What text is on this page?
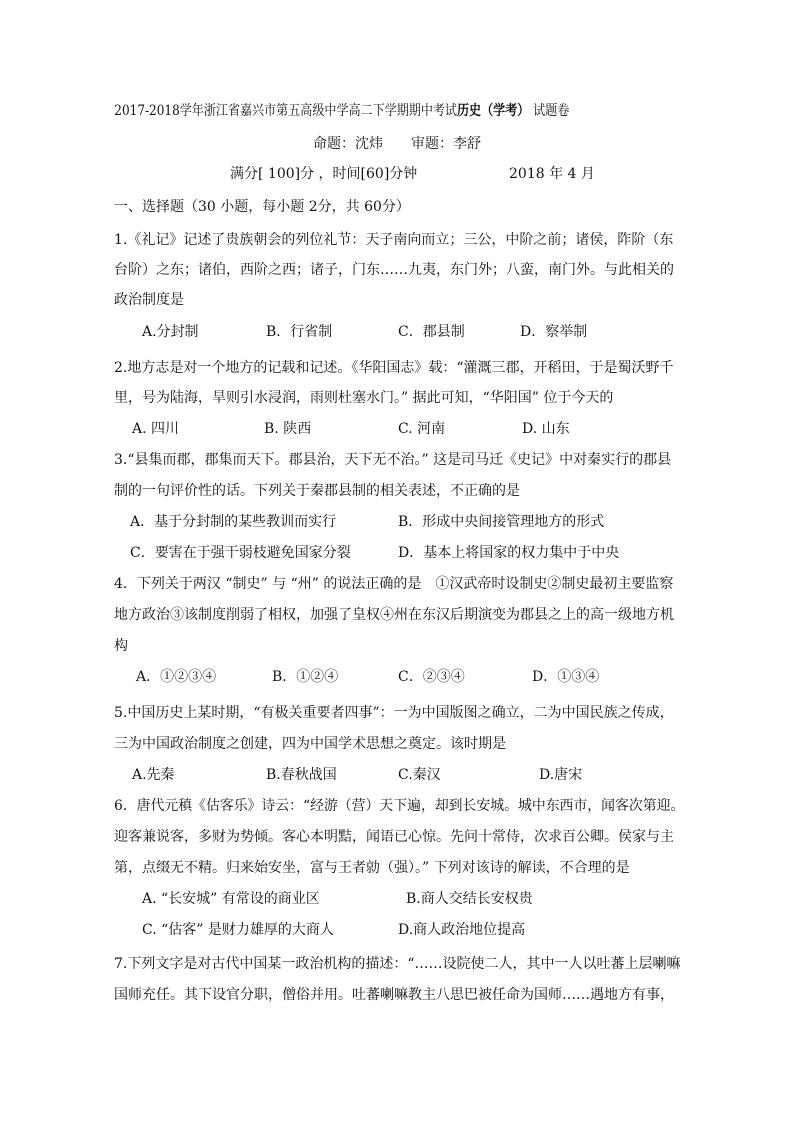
2017-2018学年浙江省嘉兴市第五高级中学高二下学期期中考试历史（学考） 试题卷
命题：沈炜　　审题：李舒
满分[ 100]分 ，时间[60]分钟	2018 年 4 月
一、选择题（30 小题，每小题 2分，共 60分）
1.《礼记》记述了贵族朝会的列位礼节：天子南向而立；三公，中阶之前；诸侯，阼阶（东
台阶）之东；诸伯，西阶之西；诸子，门东……九夷，东门外；八蛮，南门外。与此相关的
政治制度是
A.分封制	B．行省制	C．郡县制	D．察举制
2.地方志是对一个地方的记载和记述。《华阳国志》载：“灌溉三郡，开稻田，于是蜀沃野千
里，号为陆海，旱则引水浸润，雨则杜塞水门。” 据此可知，“华阳国” 位于今天的
A. 四川	B. 陕西	C. 河南	D. 山东
3.“县集而郡，郡集而天下。郡县治，天下无不治。” 这是司马迁《史记》中对秦实行的郡县
制的一句评价性的话。下列关于秦郡县制的相关表述，不正确的是
A．基于分封制的某些教训而实行	B．形成中央间接管理地方的形式
C．要害在于强干弱枝避免国家分裂	D．基本上将国家的权力集中于中央
4．下列关于两汉 “制史” 与 “州” 的说法正确的是　①汉武帝时设制史②制史最初主要监察
地方政治③该制度削弱了相权，加强了皇权④州在东汉后期演变为郡县之上的高一级地方机
构
A．①②③④	B．①②④	C．②③④	D．①③④
5.中国历史上某时期，“有极关重要者四事”：一为中国版图之确立，二为中国民族之传成，
三为中国政治制度之创建，四为中国学术思想之奠定。该时期是
A.先秦	B.春秋战国	C.秦汉	D.唐宋
6．唐代元稹《估客乐》诗云：“经游（营）天下遍，却到长安城。城中东西市，闻客次第迎。
迎客兼说客，多财为势倾。客心本明黠，闻语已心惊。先问十常侍，次求百公卿。侯家与主
第，点缀无不精。归来始安坐，富与王者勍（强）。” 下列对该诗的解读，不合理的是
A. “长安城” 有常设的商业区	B.商人交结长安权贵
C. “估客” 是财力雄厚的大商人	D.商人政治地位提高
7.下列文字是对古代中国某一政治机构的描述：“……设院使二人，其中一人以吐蕃上层喇嘛
国师充任。其下设官分职，僧俗并用。吐蕃喇嘛教主八思巴被任命为国师……遇地方有事，
